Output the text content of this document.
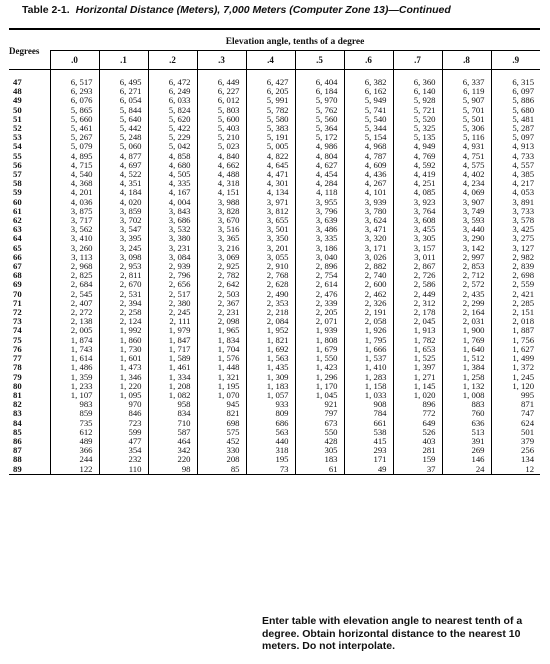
Table 2-1. Horizontal Distance (Meters), 7,000 Meters (Computer Zone 13)—Continued
Degrees	Elevation angle, tenths of a degree									
	.0	.1	.2	.3	.4	.5	.6	.7	.8	.9

47	6, 517	6, 495	6, 472	6, 449	6, 427	6, 404	6, 382	6, 360	6, 337	6, 315
48	6, 293	6, 271	6, 249	6, 227	6, 205	6, 184	6, 162	6, 140	6, 119	6, 097
49	6, 076	6, 054	6, 033	6, 012	5, 991	5, 970	5, 949	5, 928	5, 907	5, 886
50	5, 865	5, 844	5, 824	5, 803	5, 782	5, 762	5, 741	5, 721	5, 701	5, 680
51	5, 660	5, 640	5, 620	5, 600	5, 580	5, 560	5, 540	5, 520	5, 501	5, 481
52	5, 461	5, 442	5, 422	5, 403	5, 383	5, 364	5, 344	5, 325	5, 306	5, 287
53	5, 267	5, 248	5, 229	5, 210	5, 191	5, 172	5, 154	5, 135	5, 116	5, 097
54	5, 079	5, 060	5, 042	5, 023	5, 005	4, 986	4, 968	4, 949	4, 931	4, 913
55	4, 895	4, 877	4, 858	4, 840	4, 822	4, 804	4, 787	4, 769	4, 751	4, 733
56	4, 715	4, 697	4, 680	4, 662	4, 645	4, 627	4, 609	4, 592	4, 575	4, 557
57	4, 540	4, 522	4, 505	4, 488	4, 471	4, 454	4, 436	4, 419	4, 402	4, 385
58	4, 368	4, 351	4, 335	4, 318	4, 301	4, 284	4, 267	4, 251	4, 234	4, 217
59	4, 201	4, 184	4, 167	4, 151	4, 134	4, 118	4, 101	4, 085	4, 069	4, 053
60	4, 036	4, 020	4, 004	3, 988	3, 971	3, 955	3, 939	3, 923	3, 907	3, 891
61	3, 875	3, 859	3, 843	3, 828	3, 812	3, 796	3, 780	3, 764	3, 749	3, 733
62	3, 717	3, 702	3, 686	3, 670	3, 655	3, 639	3, 624	3, 608	3, 593	3, 578
63	3, 562	3, 547	3, 532	3, 516	3, 501	3, 486	3, 471	3, 455	3, 440	3, 425
64	3, 410	3, 395	3, 380	3, 365	3, 350	3, 335	3, 320	3, 305	3, 290	3, 275
65	3, 260	3, 245	3, 231	3, 216	3, 201	3, 186	3, 171	3, 157	3, 142	3, 127
66	3, 113	3, 098	3, 084	3, 069	3, 055	3, 040	3, 026	3, 011	2, 997	2, 982
67	2, 968	2, 953	2, 939	2, 925	2, 910	2, 896	2, 882	2, 867	2, 853	2, 839
68	2, 825	2, 811	2, 796	2, 782	2, 768	2, 754	2, 740	2, 726	2, 712	2, 698
69	2, 684	2, 670	2, 656	2, 642	2, 628	2, 614	2, 600	2, 586	2, 572	2, 559
70	2, 545	2, 531	2, 517	2, 503	2, 490	2, 476	2, 462	2, 449	2, 435	2, 421
71	2, 407	2, 394	2, 380	2, 367	2, 353	2, 339	2, 326	2, 312	2, 299	2, 285
72	2, 272	2, 258	2, 245	2, 231	2, 218	2, 205	2, 191	2, 178	2, 164	2, 151
73	2, 138	2, 124	2, 111	2, 098	2, 084	2, 071	2, 058	2, 045	2, 031	2, 018
74	2, 005	1, 992	1, 979	1, 965	1, 952	1, 939	1, 926	1, 913	1, 900	1, 887
75	1, 874	1, 860	1, 847	1, 834	1, 821	1, 808	1, 795	1, 782	1, 769	1, 756
76	1, 743	1, 730	1, 717	1, 704	1, 692	1, 679	1, 666	1, 653	1, 640	1, 627
77	1, 614	1, 601	1, 589	1, 576	1, 563	1, 550	1, 537	1, 525	1, 512	1, 499
78	1, 486	1, 473	1, 461	1, 448	1, 435	1, 423	1, 410	1, 397	1, 384	1, 372
79	1, 359	1, 346	1, 334	1, 321	1, 309	1, 296	1, 283	1, 271	1, 258	1, 245
80	1, 233	1, 220	1, 208	1, 195	1, 183	1, 170	1, 158	1, 145	1, 132	1, 120
81	1, 107	1, 095	1, 082	1, 070	1, 057	1, 045	1, 033	1, 020	1, 008	995
82	983	970	958	945	933	921	908	896	883	871
83	859	846	834	821	809	797	784	772	760	747
84	735	723	710	698	686	673	661	649	636	624
85	612	599	587	575	563	550	538	526	513	501
86	489	477	464	452	440	428	415	403	391	379
87	366	354	342	330	318	305	293	281	269	256
88	244	232	220	208	195	183	171	159	146	134
89	122	110	98	85	73	61	49	37	24	12
Enter table with elevation angle to nearest tenth of a degree. Obtain horizontal distance to the nearest 10 meters. Do not interpolate.
